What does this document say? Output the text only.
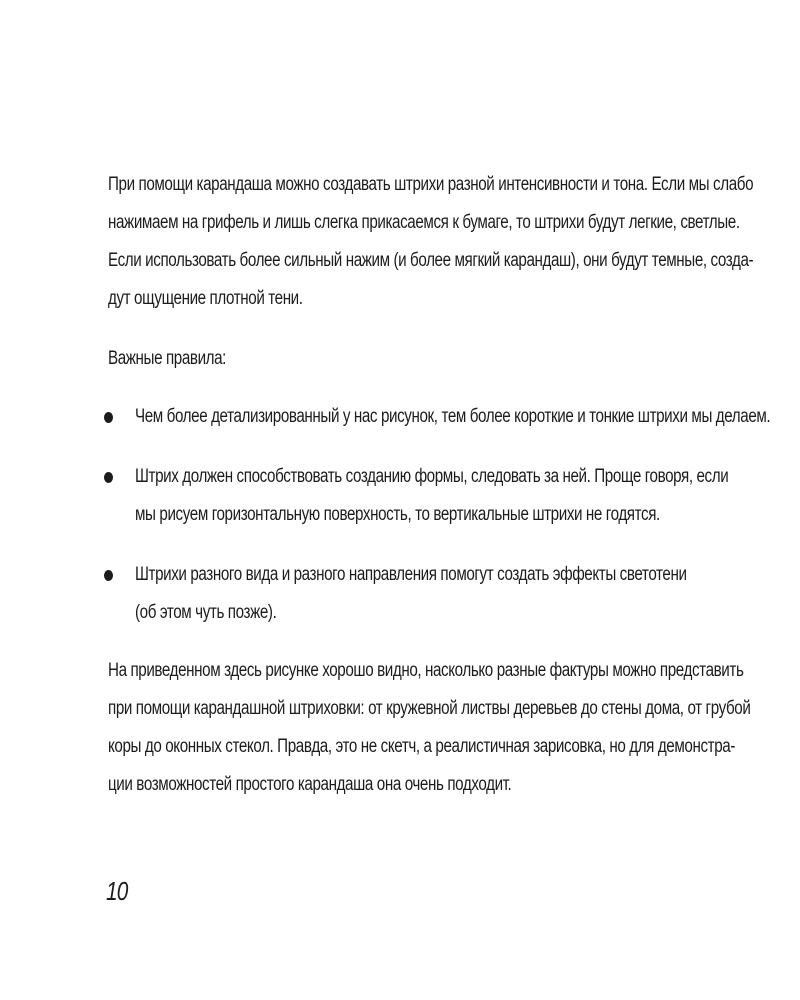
При помощи карандаша можно создавать штрихи разной интенсивности и тона. Если мы слабо
нажимаем на грифель и лишь слегка прикасаемся к бумаге, то штрихи будут легкие, светлые.
Если использовать более сильный нажим (и более мягкий карандаш), они будут темные, созда-
дут ощущение плотной тени.

Важные правила:
Чем более детализированный у нас рисунок, тем более короткие и тонкие штрихи мы делаем.
Штрих должен способствовать созданию формы, следовать за ней. Проще говоря, если
мы рисуем горизонтальную поверхность, то вертикальные штрихи не годятся.
Штрихи разного вида и разного направления помогут создать эффекты светотени
(об этом чуть позже).

На приведенном здесь рисунке хорошо видно, насколько разные фактуры можно представить
при помощи карандашной штриховки: от кружевной листвы деревьев до стены дома, от грубой
коры до оконных стекол. Правда, это не скетч, а реалистичная зарисовка, но для демонстра-
ции возможностей простого карандаша она очень подходит.

10
